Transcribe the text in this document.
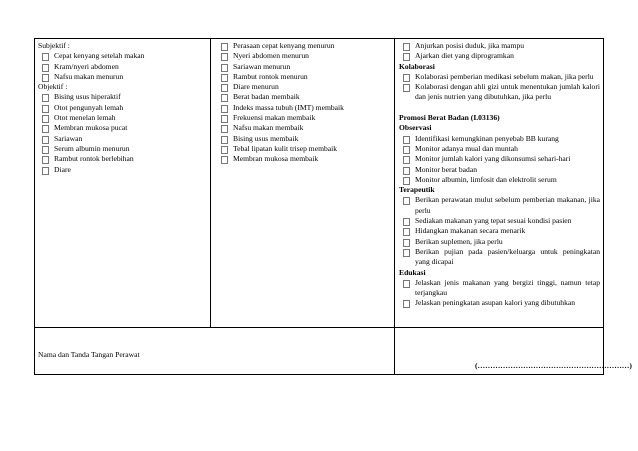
Subjektif :
Cepat kenyang setelah makan
Kram/nyeri abdomen
Nafsu makan menurun
Objektif :
Bising usus hiperaktif
Otot pengunyah lemah
Otot menelan lemah
Membran mukosa pucat
Sariawan
Serum albumin menurun
Rambut rontok berlebihan
Diare
Perasaan cepat kenyang menurun
Nyeri abdomen menurun
Sariawan menurun
Rambut rontok menurun
Diare menurun
Berat badan membaik
Indeks massa tubuh (IMT) membaik
Frekuensi makan membaik
Nafsu makan membaik
Bising usus membaik
Tebal lipatan kulit trisep membaik
Membran mukosa membaik
Anjurkan posisi duduk, jika mampu
Ajarkan diet yang diprogramkan
Kolaborasi
Kolaborasi pemberian medikasi sebelum makan, jika perlu
Kolaborasi dengan ahli gizi untuk menentukan jumlah kalori dan jenis nutrien yang dibutuhkan, jika perlu
Promosi Berat Badan (I.03136)
Observasi
Identifikasi kemungkinan penyebab BB kurang
Monitor adanya mual dan muntah
Monitor jumlah kalori yang dikonsumsi sehari-hari
Monitor berat badan
Monitor albumin, limfosit dan elektrolit serum
Terapeutik
Berikan perawatan mulut sebelum pemberian makanan, jika perlu
Sediakan makanan yang tepat sesuai kondisi pasien
Hidangkan makanan secara menarik
Berikan suplemen, jika perlu
Berikan pujian pada pasien/keluarga untuk peningkatan yang dicapai
Edukasi
Jelaskan jenis makanan yang bergizi tinggi, namun tetap terjangkau
Jelaskan peningkatan asupan kalori yang dibutuhkan
Nama dan Tanda Tangan Perawat
(……………………………………………………)
